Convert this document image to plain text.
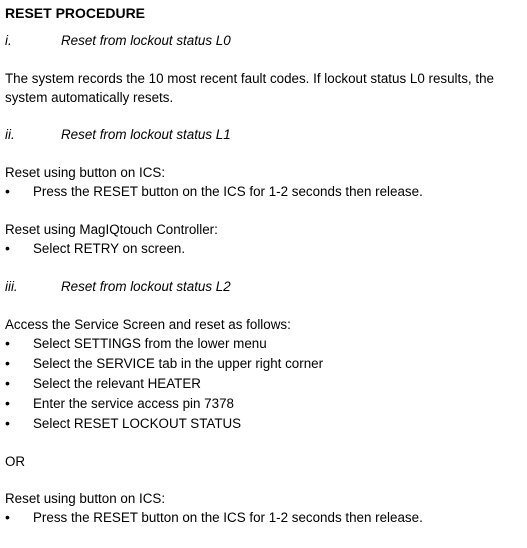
RESET PROCEDURE
i.	Reset from lockout status L0
The system records the 10 most recent fault codes. If lockout status L0 results, the system automatically resets.
ii.	Reset from lockout status L1
Reset using button on ICS:
•	Press the RESET button on the ICS for 1-2 seconds then release.
Reset using MagIQtouch Controller:
•	Select RETRY on screen.
iii.	Reset from lockout status L2
Access the Service Screen and reset as follows:
•	Select SETTINGS from the lower menu
•	Select the SERVICE tab in the upper right corner
•	Select the relevant HEATER
•	Enter the service access pin 7378
•	Select RESET LOCKOUT STATUS
OR
Reset using button on ICS:
•	Press the RESET button on the ICS for 1-2 seconds then release.
